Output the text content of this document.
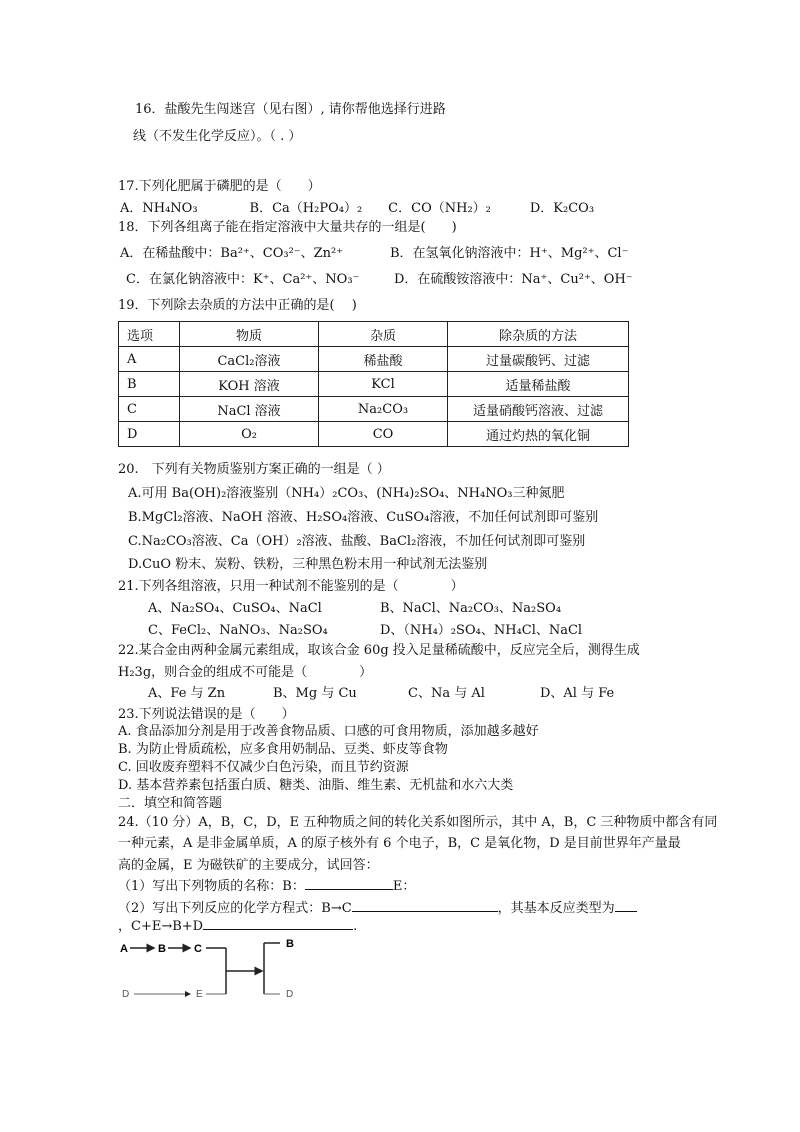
16．盐酸先生闯迷宫（见右图）, 请你帮他选择行进路
线（不发生化学反应）。（ . ）
17.下列化肥属于磷肥的是（　　）
A．NH₄NO₃　　　　B．Ca（H₂PO₄）₂　　C．CO（NH₂）₂　　　D．K₂CO₃
18．下列各组离子能在指定溶液中大量共存的一组是(　　)
A．在稀盐酸中：Ba²⁺、CO₃²⁻、Zn²⁺	B．在氢氧化钠溶液中：H⁺、Mg²⁺、Cl⁻
C．在氯化钠溶液中：K⁺、Ca²⁺、NO₃⁻	D．在硫酸铵溶液中：Na⁺、Cu²⁺、OH⁻
19．下列除去杂质的方法中正确的是(　 )
选项	物质	杂质	除杂质的方法
A	CaCl₂溶液	稀盐酸	过量碳酸钙、过滤
B	KOH 溶液	KCl	适量稀盐酸
C	NaCl 溶液	Na₂CO₃	适量硝酸钙溶液、过滤
D	O₂	CO	通过灼热的氧化铜
20.　下列有关物质鉴别方案正确的一组是（ ）
A.可用 Ba(OH)₂溶液鉴别（NH₄）₂CO₃、(NH₄)₂SO₄、NH₄NO₃三种氮肥
B.MgCl₂溶液、NaOH 溶液、H₂SO₄溶液、CuSO₄溶液，不加任何试剂即可鉴别
C.Na₂CO₃溶液、Ca（OH）₂溶液、盐酸、BaCl₂溶液，不加任何试剂即可鉴别
D.CuO 粉末、炭粉、铁粉，三种黑色粉末用一种试剂无法鉴别
21.下列各组溶液，只用一种试剂不能鉴别的是（　　　　）
A、Na₂SO₄、CuSO₄、NaCl	B、NaCl、Na₂CO₃、Na₂SO₄
C、FeCl₂、NaNO₃、Na₂SO₄	D、（NH₄）₂SO₄、NH₄Cl、NaCl
22.某合金由两种金属元素组成，取该合金 60g 投入足量稀硫酸中，反应完全后，测得生成
H₂3g，则合金的组成不可能是（　　　　）
A、Fe 与 Zn	B、Mg 与 Cu	C、Na 与 Al	D、Al 与 Fe
23.下列说法错误的是（　　）
A. 食品添加分剂是用于改善食物品质、口感的可食用物质，添加越多越好
B. 为防止骨质疏松，应多食用奶制品、豆类、虾皮等食物
C. 回收废弃塑料不仅减少白色污染，而且节约资源
D. 基本营养素包括蛋白质、糖类、油脂、维生素、无机盐和水六大类
二．填空和简答题
24.（10 分）A，B，C，D，E 五种物质之间的转化关系如图所示，其中 A，B，C 三种物质中都含有同
一种元素，A 是非金属单质，A 的原子核外有 6 个电子，B，C 是氧化物，D 是目前世界年产量最
高的金属，E 为磁铁矿的主要成分，试回答：
（1）写出下列物质的名称：B：	E：
（2）写出下列反应的化学方程式：B→C	，其基本反应类型为
，C+E→B+D	.
A	B	C
D	E
B
D
